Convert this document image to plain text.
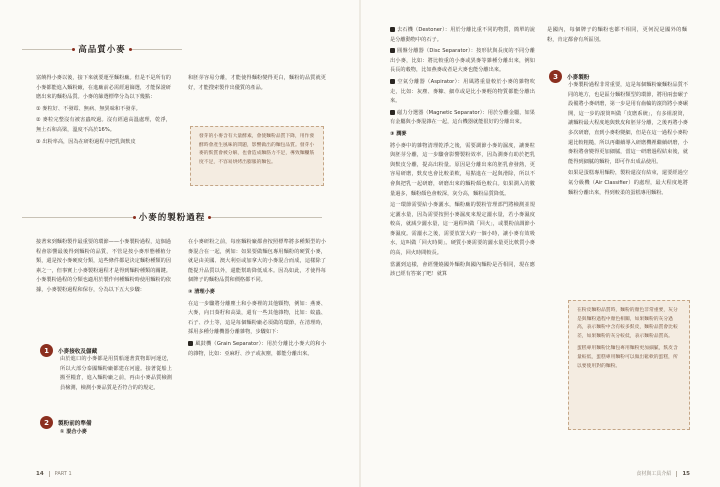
高品質小麥

富饒得小麥以後，接下來就要運至麵粉廠。但是不是所有的小麥都能進入麵粉廠，在進廠前必需經過篩選，才能保證研磨出來的麵粉品質。小麥的篩選標準分為以下幾點：

① 麥粒好、不發霉、無病、無異味和不發芽。

② 麥粒完整沒有被害蟲咬過。沒有經過高溫處理，乾淨，無土石和高梁，溫度不高於16%。

③ 出粉率高，因為在研粉過程中把乳與麩皮

和胚芽容易分離，才能使得麵粉變得更白，麵粉的品質就更好，才能搜索製作出優質的產品。

發芽的小麥含有大量酵素，會使麵粉品質下降，用作發酵時會產生風味的問題，影響做出的麵包品質。發芽小麥的麩質會被分解，也會造成麵筋力不足，導致麵糰筋度不足，不容易烘烤出膨脹的麵包。

小麥的製粉過程

接著來到麵粉製作最重要的環節——小麥製粉過程，這個過程會影響最後得到麵粉的品質，不管是按小麥形態種植分類，還是按小麥硬度分類，這些條件都是決定麵粉種類的因素之一，但事實上小麥製粉過程才是得到麵粉種類的關鍵。小麥製粉過程的分類也適用於製作何種麵粉時使用麵粉的依據，小麥製粉過程和保存，分為以下五大步驟：

1	小麥接收及儲藏

由於進口的小麥都是用貨船運著貨物即河運送，所以大部分泰國麵粉廠都建在河邊。接著從船上搬至糧倉，進入麵粉廠之前，再由小麥品質檢測員檢測，檢測小麥品質是否符合的的規定。

2	製粉前的準備

① 混合小麥

在小麥研粉之前，每座麵粉廠都會按照標準將多種類型的小麥混合在一起，例如：如果要做麵包專用麵粉的硬質小麥，就是由美國、澳大利亞或加拿大的小麥混合而成，這樣除了能提升品質以外，還能幫助降低成本。因為如此，才使得每個牌子的麵粉品質和價格都不同。

② 清理小麥

在這一步驟將分離塵土和小麥裡的其他顆物，例如：燕麥、大麥，向日葵籽和高粱，還有一些其他雜物，比如：蚊蟲、石子、沙土等，這是每個麵粉廠必須做的環節，在清理時，採用多種分離機器分離雜物，步驟如下：

風鼓機（Grain Separator）：用於分離比小麥大的和小的雜物，比如：亞麻籽、沙子或灰塵，都能分離出來。

14 PART 1

去石機（Destoner）：用於分離比重不同的物質，簡單的說是分離動物中的石子。

圓盤分離器（Disc Separator）：按形狀與長度的不同分離出小麥，比如：將比較重的小麥或異麥等雜種分離出來，例如長長的穀物，比如燕麥或者是大麥也能分離出來。

空氣分離器（Aspirator）：用風將重量較於小麥的雜物吹走，比如：灰塵、麥糠、細草或是比小麥輕的物質都能分離出來。

磁力分選器（Magnetic Separator）：用於分離金屬，如果有金屬與小麥混雜在一起，這台機器就能很好的分離出來。

③ 潤麥

將小麥中的雜物清理乾淨之後，需要調節小麥的濕度，讓麥粒與胚芽分離，這一步驟會影響製粉效率，因為潤麥有助於把乳與麩皮分離，提高出粉量。原因是分離出來的胚乳會發熱，更容易研磨，麩皮也會比較柔軟，易點進在一起與滑除，所以不會與把乳一起研磨，研磨出來的麵粉顏色較白。如果潤入的數量過多，麵粉顏色會較深，灰分高，麵粉品質降低。

這一環節需要給小麥灑水，麵粉廠的製粉管理部門將檢測並規定灑水量，因為需要按照小麥濕度來規定灑水量，若小麥濕度較高，就減少灑水量，這一過程叫做「回火」，或製粉前調節小麥濕度。需灑水之後，需要放置大約一個小時，讓小麥有效吸水，這叫做「回火時間」。硬質小麥需要的灑水量更比軟質小麥的高，回火時間較長。

當灑到這樣，會經懂燒國外麵粉與國內麵粉是否相同，現在應該已經有答案了吧！就算

是國內，每個牌子的麵粉也都不相同，更何況是國外的麵粉，肯定都會有所區別。

3	小麥製粉

小麥製粉過程非常重要，這是每個麵粉廠麵粉品質不同的地方，也是區分麵粉類型的環節，將用兩套碾子設備將小麥研磨，第一步是用有齒輪的滾筒將小麥碾開，這一步的滾筒叫做「皮磨系統」，有多組滾筒，讓麵粉最大程度地與麩皮和胚芽分離，之後再將小麥多次研磨，直到小麥粉變細，但是在這一過程小麥粉還比較粗糙，所以再繼續導入研磨機裡繼續研磨，小麥粉將會變得更加細膩，當這一研磨過程結束後，就能得到細膩的麵粉，即可作出成品使用。

如果是蛋糕專用麵粉，製粉還沒有結束，還要經過空氣分級機（Air Classifier）的處理，最大程度地將麵粉分離出來，得到較柔的蛋糕專用麵粉。

在粉皮麵粉品質時，麵粉的顏色非常重要，灰分是與麵粉過程中顏色相關，如果麵粉的灰分過高，表示麵粉中含有較多麩皮，麵粉品質會比較差，如果麵粉的灰分較低，表示麵粉品質高。

蛋糕專用麵粉比麵包專用麵粉更加細膩，麩皮含量較低，蛋糕專用麵粉可以做出鬆軟的蛋糕，所以要使用對的麵粉。

食材與工具介紹 15
